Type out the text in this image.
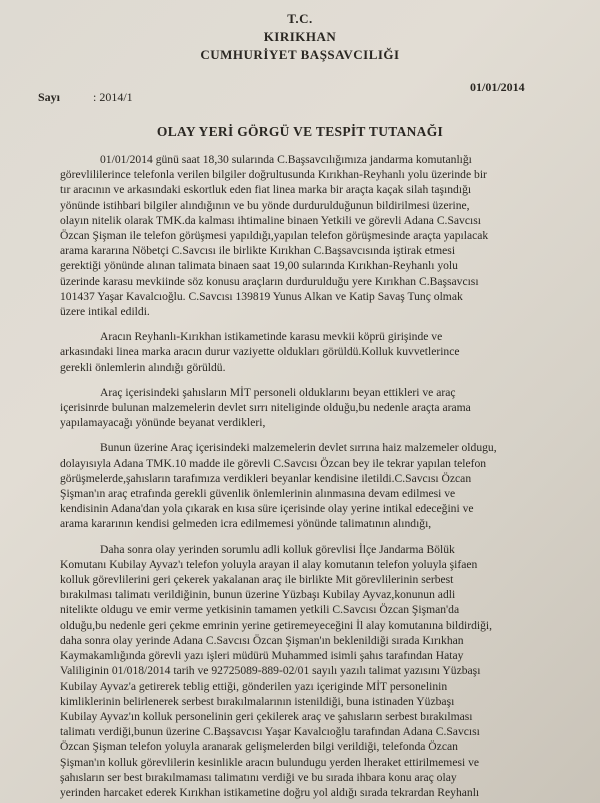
T.C.
KIRIKHAN
CUMHURİYET BAŞSAVCILIĞI
Sayı	: 2014/1
01/01/2014
OLAY YERİ GÖRGÜ VE TESPİT TUTANAĞI

01/01/2014 günü saat 18,30 sularında C.Başsavcılığımıza jandarma komutanlığı
görevlililerince telefonla verilen bilgiler doğrultusunda Kırıkhan-Reyhanlı yolu üzerinde bir
tır aracının ve arkasındaki eskortluk eden fiat linea marka bir araçta kaçak silah taşındığı
yönünde istihbari bilgiler alındığının ve bu yönde durdurulduğunun bildirilmesi üzerine,
olayın nitelik olarak TMK.da kalması ihtimaline binaen Yetkili ve görevli Adana C.Savcısı
Özcan Şişman ile telefon görüşmesi yapıldığı,yapılan telefon görüşmesinde araçta yapılacak
arama kararına Nöbetçi C.Savcısı ile birlikte Kırıkhan C.Başsavcısında iştirak etmesi
gerektiği yönünde alınan talimata binaen saat 19,00 sularında Kırıkhan-Reyhanlı yolu
üzerinde karasu mevkiinde söz konusu araçların durdurulduğu yere Kırıkhan C.Başsavcısı
101437 Yaşar Kavalcıoğlu. C.Savcısı 139819 Yunus Alkan ve Katip Savaş Tunç olmak
üzere intikal edildi.

Aracın Reyhanlı-Kırıkhan istikametinde karasu mevkii köprü girişinde ve
arkasındaki linea marka aracın durur vaziyette oldukları görüldü.Kolluk kuvvetlerince
gerekli önlemlerin alındığı görüldü.

Araç içerisindeki şahısların MİT personeli olduklarını beyan ettikleri ve araç
içerisinrde bulunan malzemelerin devlet sırrı niteliginde olduğu,bu nedenle araçta arama
yapılamayacağı yönünde beyanat verdikleri,

Bunun üzerine Araç içerisindeki malzemelerin devlet sırrına haiz malzemeler oldugu,
dolayısıyla Adana TMK.10 madde ile görevli C.Savcısı Özcan bey ile tekrar yapılan telefon
görüşmelerde,şahısların tarafımıza verdikleri beyanlar kendisine iletildi.C.Savcısı Özcan
Şişman'ın araç etrafında gerekli güvenlik önlemlerinin alınmasına devam edilmesi ve
kendisinin Adana'dan yola çıkarak en kısa süre içerisinde olay yerine intikal edeceğini ve
arama kararının kendisi gelmeden icra edilmemesi yönünde talimatının alındığı,

Daha sonra olay yerinden sorumlu adli kolluk görevlisi İlçe Jandarma Bölük
Komutanı Kubilay Ayvaz'ı telefon yoluyla arayan il alay komutanın telefon yoluyla şifaen
kolluk görevlilerini geri çekerek yakalanan araç ile birlikte Mit görevlilerinin serbest
bırakılması talimatı verildiğinin, bunun üzerine Yüzbaşı Kubilay Ayvaz,konunun adli
nitelikte oldugu ve emir verme yetkisinin tamamen yetkili C.Savcısı Özcan Şişman'da
olduğu,bu nedenle geri çekme emrinin yerine getiremeyeceğini İl alay komutanına bildirdiği,
daha sonra olay yerinde Adana C.Savcısı Özcan Şişman'ın beklenildiği sırada Kırıkhan
Kaymakamlığında görevli yazı işleri müdürü Muhammed isimli şahıs tarafından Hatay
Valiliginin 01/018/2014 tarih ve 92725089-889-02/01 sayılı yazılı talimat yazısını Yüzbaşı
Kubilay Ayvaz'a getirerek teblig ettiği, gönderilen yazı içeriginde MİT personelinin
kimliklerinin belirlenerek serbest bırakılmalarının istenildiği, buna istinaden Yüzbaşı
Kubilay Ayvaz'ın kolluk personelinin geri çekilerek araç ve şahısların serbest bırakılması
talimatı verdiği,bunun üzerine C.Başsavcısı Yaşar Kavalcıoğlu tarafından Adana C.Savcısı
Özcan Şişman telefon yoluyla aranarak gelişmelerden bilgi verildiği, telefonda Özcan
Şişman'ın kolluk görevlilerin kesinlikle aracın bulundugu yerden lheraket ettirilmemesi ve
şahısların ser best bırakılmaması talimatını verdiği ve bu sırada ihbara konu araç olay
yerinden harcaket ederek Kırıkhan istikametine doğru yol aldığı sırada tekrardan Reyhanlı
